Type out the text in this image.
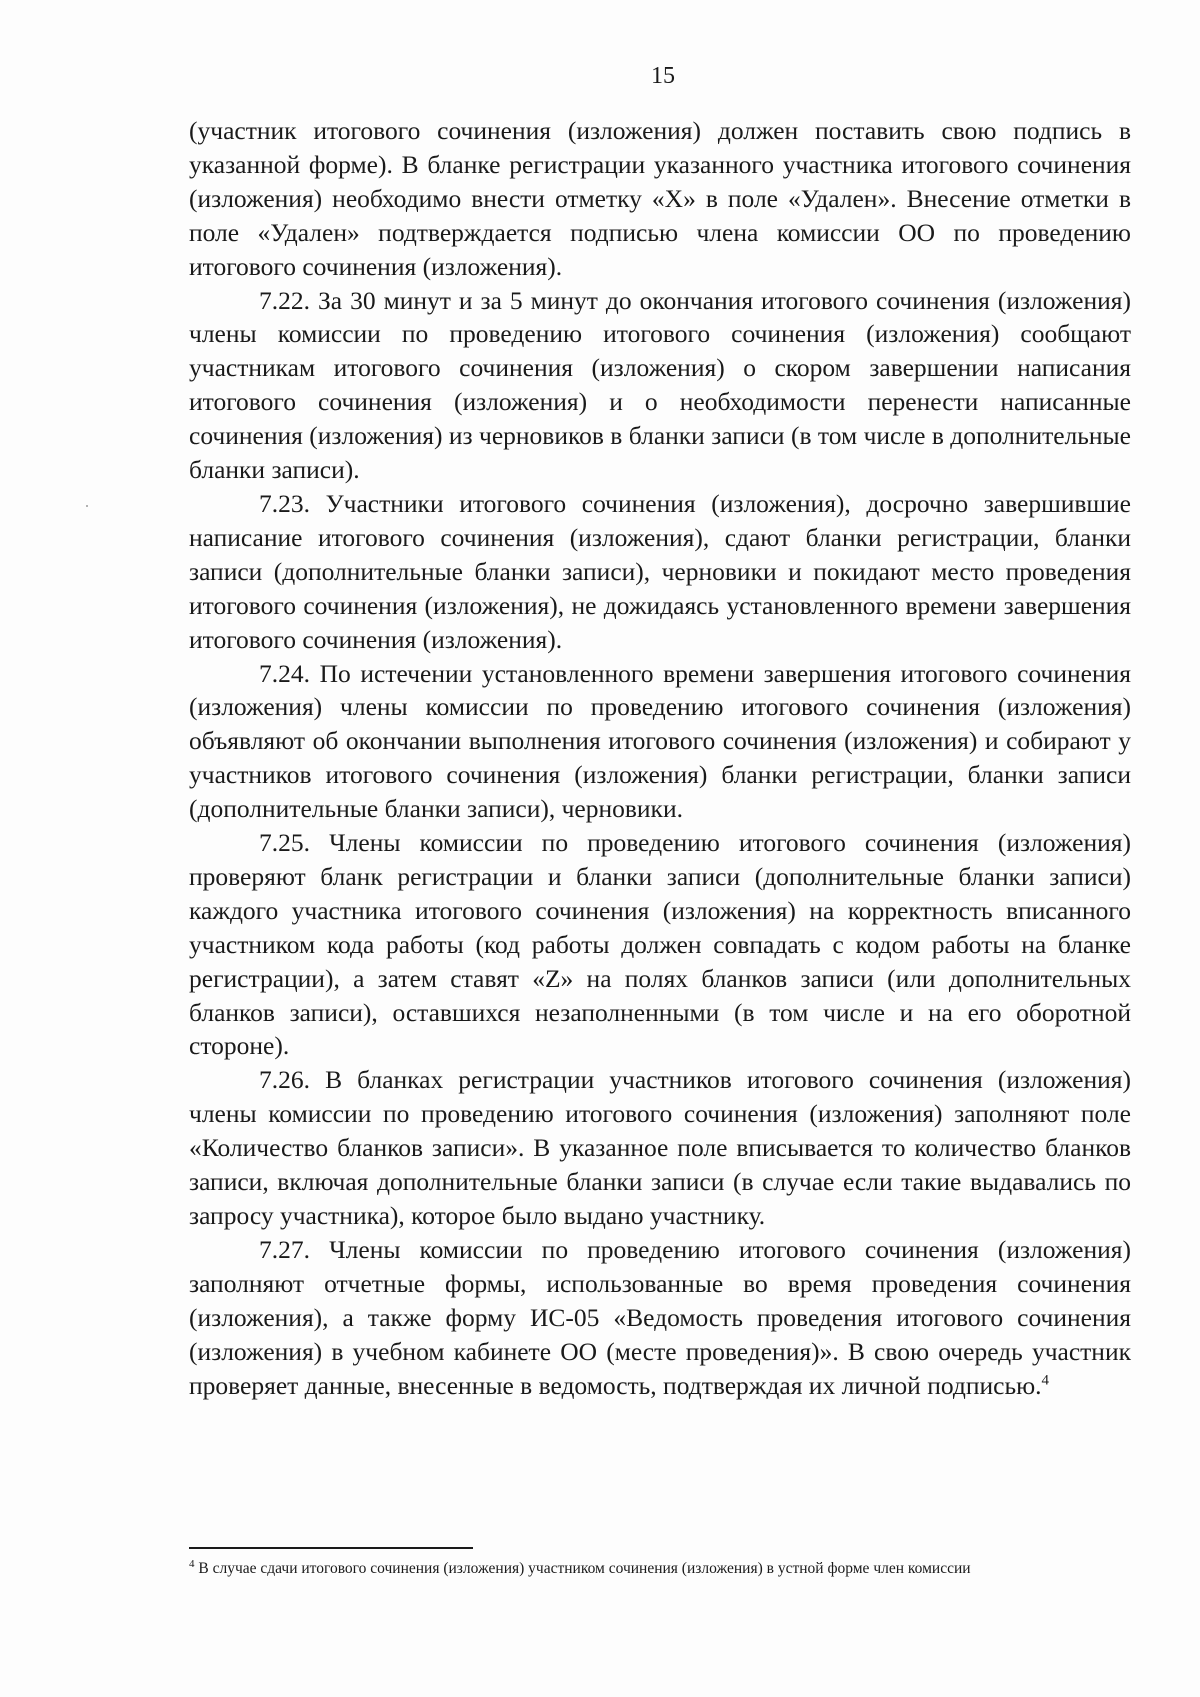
15

(участник итогового сочинения (изложения) должен поставить свою подпись в указанной форме). В бланке регистрации указанного участника итогового сочинения (изложения) необходимо внести отметку «X» в поле «Удален». Внесение отметки в поле «Удален» подтверждается подписью члена комиссии ОО по проведению итогового сочинения (изложения).

7.22. За 30 минут и за 5 минут до окончания итогового сочинения (изложения) члены комиссии по проведению итогового сочинения (изложения) сообщают участникам итогового сочинения (изложения) о скором завершении написания итогового сочинения (изложения) и о необходимости перенести написанные сочинения (изложения) из черновиков в бланки записи (в том числе в дополнительные бланки записи).

7.23. Участники итогового сочинения (изложения), досрочно завершившие написание итогового сочинения (изложения), сдают бланки регистрации, бланки записи (дополнительные бланки записи), черновики и покидают место проведения итогового сочинения (изложения), не дожидаясь установленного времени завершения итогового сочинения (изложения).

7.24. По истечении установленного времени завершения итогового сочинения (изложения) члены комиссии по проведению итогового сочинения (изложения) объявляют об окончании выполнения итогового сочинения (изложения) и собирают у участников итогового сочинения (изложения) бланки регистрации, бланки записи (дополнительные бланки записи), черновики.

7.25. Члены комиссии по проведению итогового сочинения (изложения) проверяют бланк регистрации и бланки записи (дополнительные бланки записи) каждого участника итогового сочинения (изложения) на корректность вписанного участником кода работы (код работы должен совпадать с кодом работы на бланке регистрации), а затем ставят «Z» на полях бланков записи (или дополнительных бланков записи), оставшихся незаполненными (в том числе и на его оборотной стороне).

7.26. В бланках регистрации участников итогового сочинения (изложения) члены комиссии по проведению итогового сочинения (изложения) заполняют поле «Количество бланков записи». В указанное поле вписывается то количество бланков записи, включая дополнительные бланки записи (в случае если такие выдавались по запросу участника), которое было выдано участнику.

7.27. Члены комиссии по проведению итогового сочинения (изложения) заполняют отчетные формы, использованные во время проведения сочинения (изложения), а также форму ИС-05 «Ведомость проведения итогового сочинения (изложения) в учебном кабинете ОО (месте проведения)». В свою очередь участник проверяет данные, внесенные в ведомость, подтверждая их личной подписью.$^4$

$^4$ В случае сдачи итогового сочинения (изложения) участником сочинения (изложения) в устной форме член комиссии
